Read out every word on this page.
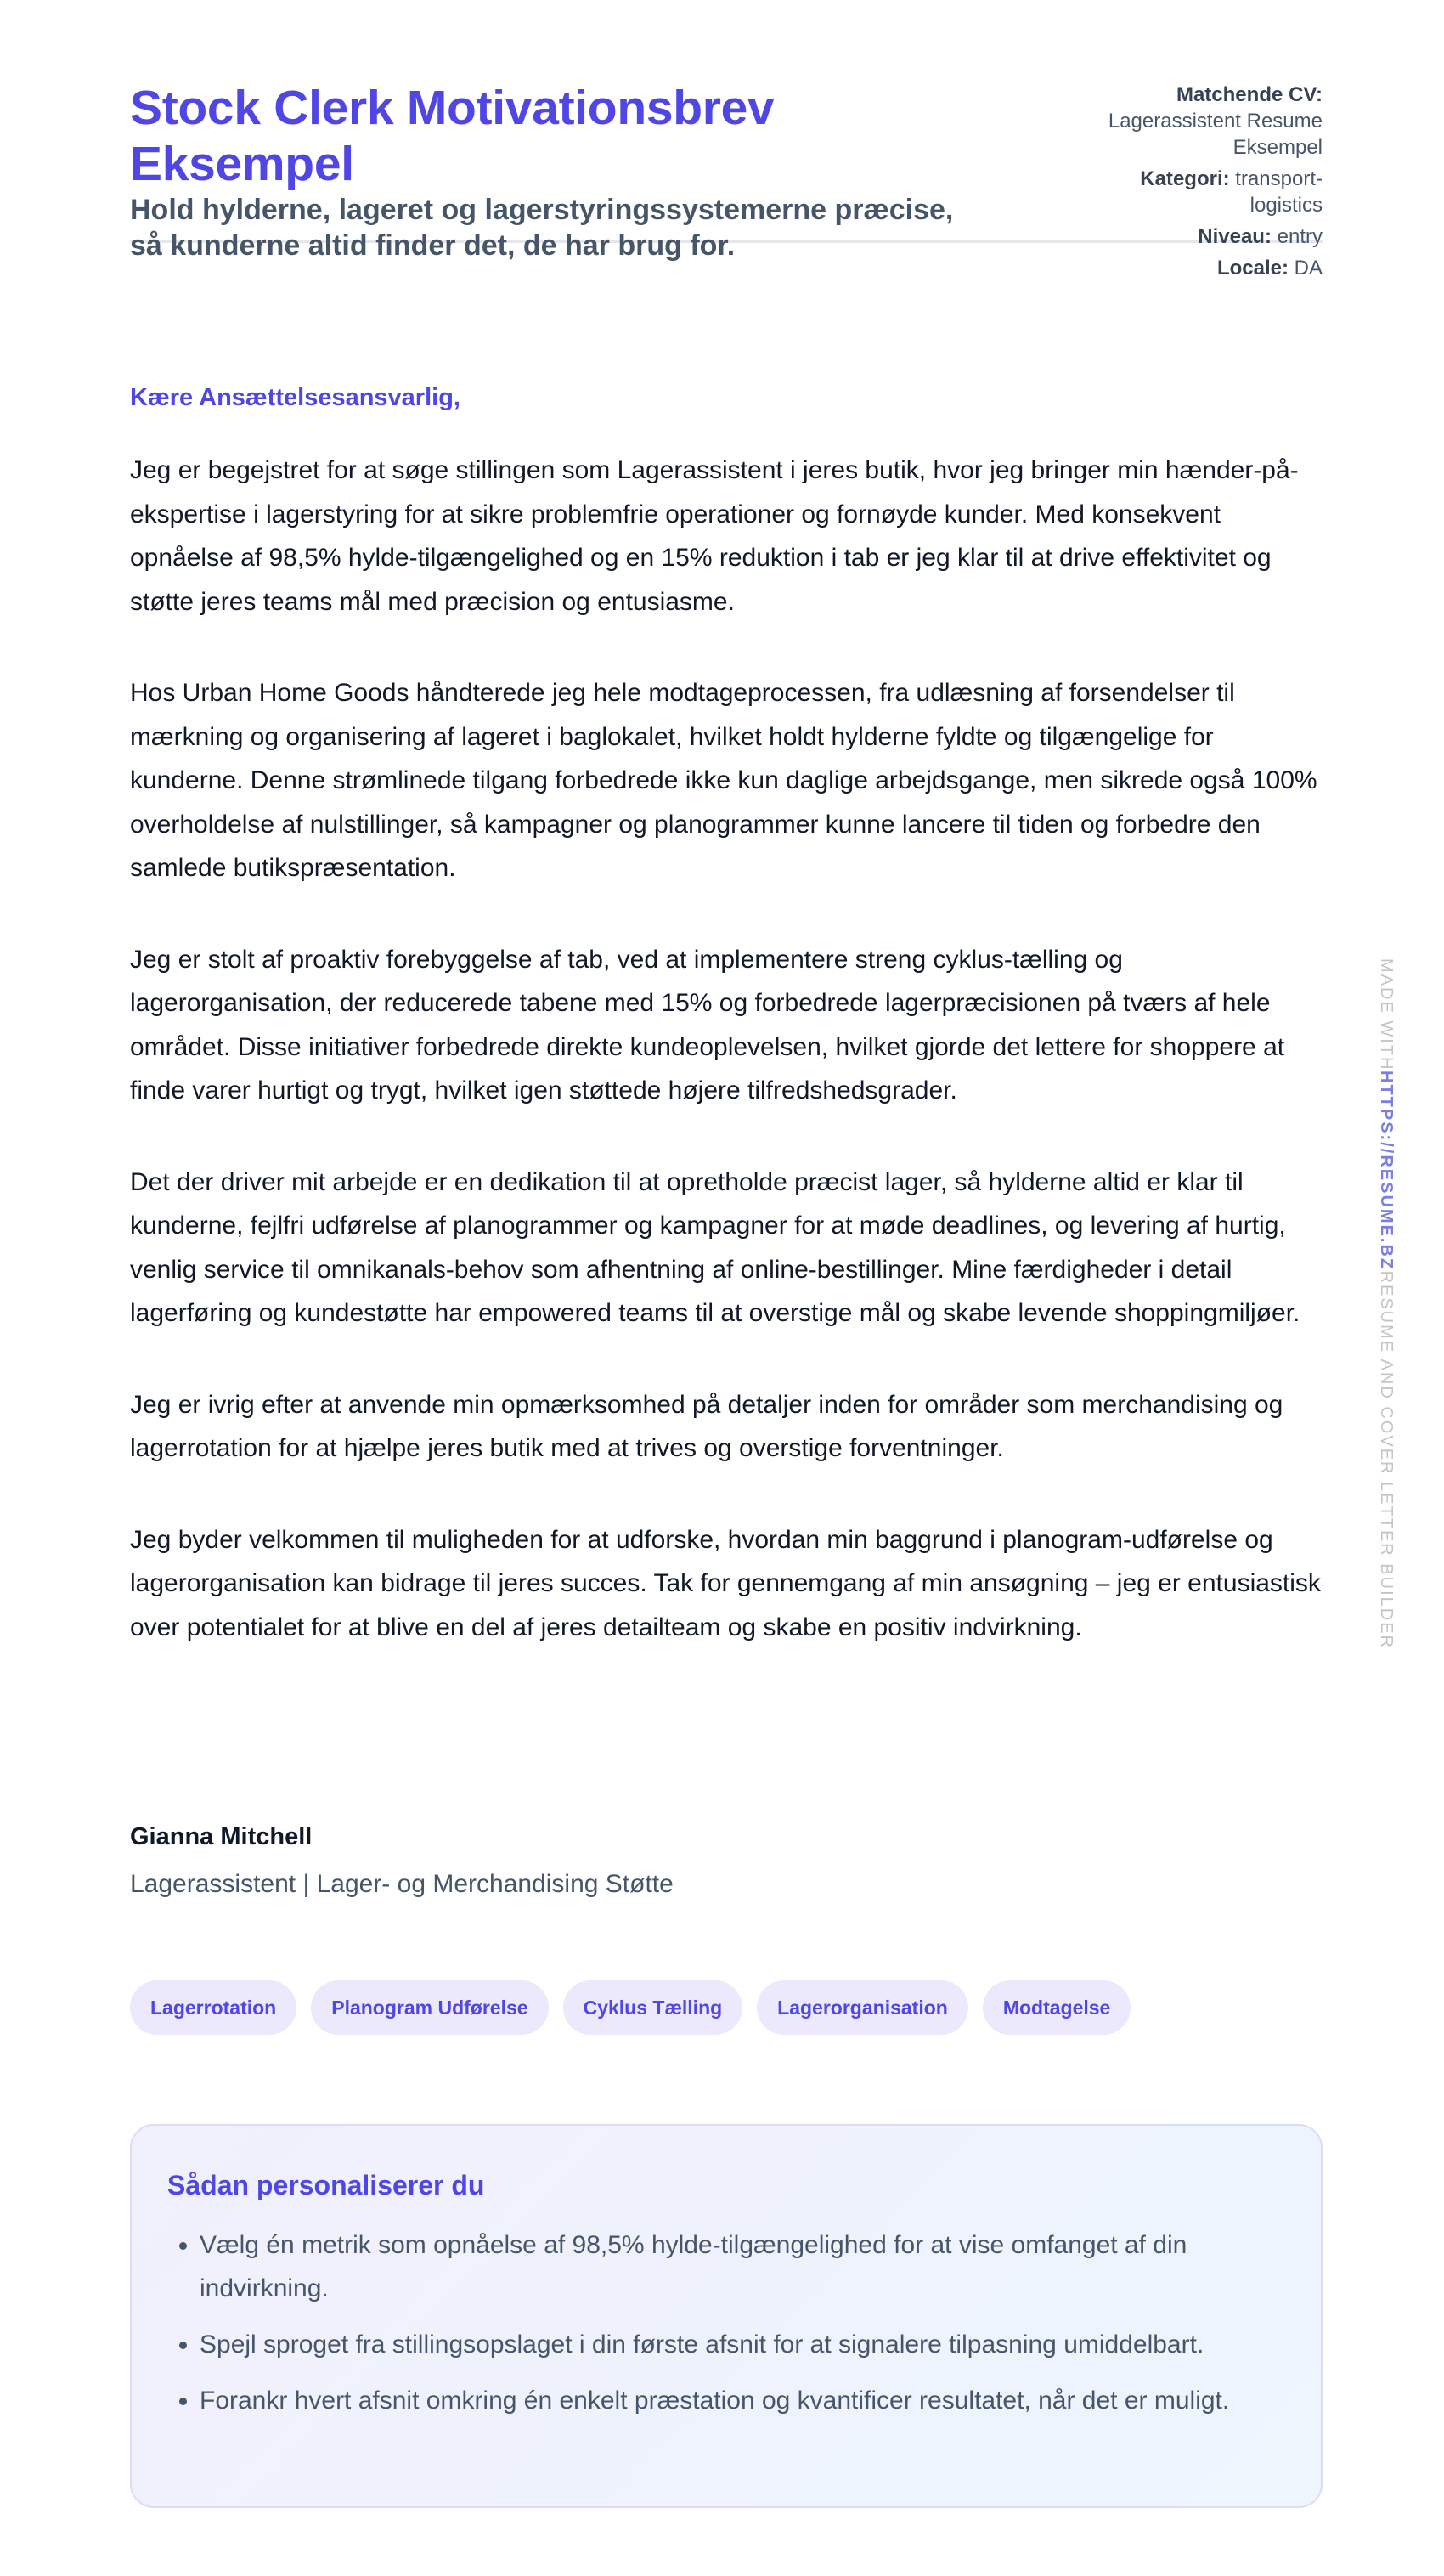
Stock Clerk Motivationsbrev Eksempel
Hold hylderne, lageret og lagerstyringssystemerne præcise, så kunderne altid finder det, de har brug for.
Matchende CV: Lagerassistent Resume Eksempel
Kategori: transport-logistics
Niveau: entry
Locale: DA

Kære Ansættelsesansvarlig,

Jeg er begejstret for at søge stillingen som Lagerassistent i jeres butik, hvor jeg bringer min hænder-på-ekspertise i lagerstyring for at sikre problemfrie operationer og fornøyde kunder. Med konsekvent opnåelse af 98,5% hylde-tilgængelighed og en 15% reduktion i tab er jeg klar til at drive effektivitet og støtte jeres teams mål med præcision og entusiasme.

Hos Urban Home Goods håndterede jeg hele modtageprocessen, fra udlæsning af forsendelser til mærkning og organisering af lageret i baglokalet, hvilket holdt hylderne fyldte og tilgængelige for kunderne. Denne strømlinede tilgang forbedrede ikke kun daglige arbejdsgange, men sikrede også 100% overholdelse af nulstillinger, så kampagner og planogrammer kunne lancere til tiden og forbedre den samlede butikspræsentation.

Jeg er stolt af proaktiv forebyggelse af tab, ved at implementere streng cyklus-tælling og lagerorganisation, der reducerede tabene med 15% og forbedrede lagerpræcisionen på tværs af hele området. Disse initiativer forbedrede direkte kundeoplevelsen, hvilket gjorde det lettere for shoppere at finde varer hurtigt og trygt, hvilket igen støttede højere tilfredshedsgrader.

Det der driver mit arbejde er en dedikation til at opretholde præcist lager, så hylderne altid er klar til kunderne, fejlfri udførelse af planogrammer og kampagner for at møde deadlines, og levering af hurtig, venlig service til omnikanals-behov som afhentning af online-bestillinger. Mine færdigheder i detail lagerføring og kundestøtte har empowered teams til at overstige mål og skabe levende shoppingmiljøer.

Jeg er ivrig efter at anvende min opmærksomhed på detaljer inden for områder som merchandising og lagerrotation for at hjælpe jeres butik med at trives og overstige forventninger.

Jeg byder velkommen til muligheden for at udforske, hvordan min baggrund i planogram-udførelse og lagerorganisation kan bidrage til jeres succes. Tak for gennemgang af min ansøgning – jeg er entusiastisk over potentialet for at blive en del af jeres detailteam og skabe en positiv indvirkning.

Gianna Mitchell
Lagerassistent | Lager- og Merchandising Støtte
Lagerrotation	Planogram Udførelse	Cyklus Tælling	Lagerorganisation	Modtagelse
Sådan personaliserer du
• Vælg én metrik som opnåelse af 98,5% hylde-tilgængelighed for at vise omfanget af din indvirkning.
• Spejl sproget fra stillingsopslaget i din første afsnit for at signalere tilpasning umiddelbart.
• Forankr hvert afsnit omkring én enkelt præstation og kvantificer resultatet, når det er muligt.
MADE WITHHTTPS://RESUME.BZRESUME AND COVER LETTER BUILDER
